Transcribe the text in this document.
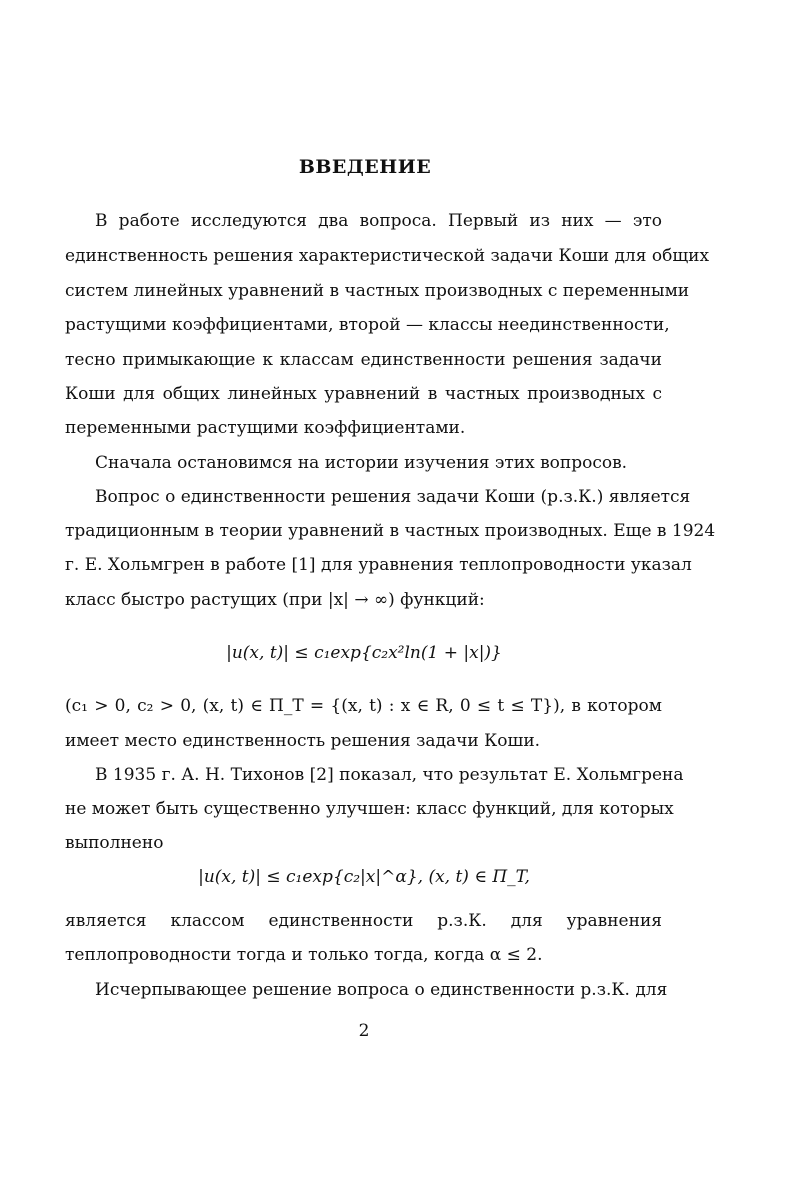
ВВЕДЕНИЕ
В работе исследуются два вопроса. Первый из них — это
единственность решения характеристической задачи Коши для общих
систем линейных уравнений в частных производных с переменными
растущими коэффициентами, второй — классы неединственности,
тесно примыкающие к классам единственности решения задачи
Коши для общих линейных уравнений в частных производных с
переменными растущими коэффициентами.
Сначала остановимся на истории изучения этих вопросов.
Вопрос о единственности решения задачи Коши (р.з.К.) является
традиционным в теории уравнений в частных производных. Еще в 1924
г. Е. Хольмгрен в работе [1] для уравнения теплопроводности указал
класс быстро растущих (при |x| → ∞) функций:
|u(x, t)| ≤ c₁exp{c₂x²ln(1 + |x|)}
(c₁ > 0, c₂ > 0, (x, t) ∈ Π_T = {(x, t) : x ∈ R, 0 ≤ t ≤ T}), в котором
имеет место единственность решения задачи Коши.
В 1935 г. А. Н. Тихонов [2] показал, что результат Е. Хольмгрена
не может быть существенно улучшен: класс функций, для которых
выполнено
|u(x, t)| ≤ c₁exp{c₂|x|^α}, (x, t) ∈ Π_T,
является классом единственности р.з.К. для уравнения
теплопроводности тогда и только тогда, когда α ≤ 2.
Исчерпывающее решение вопроса о единственности р.з.К. для
2
